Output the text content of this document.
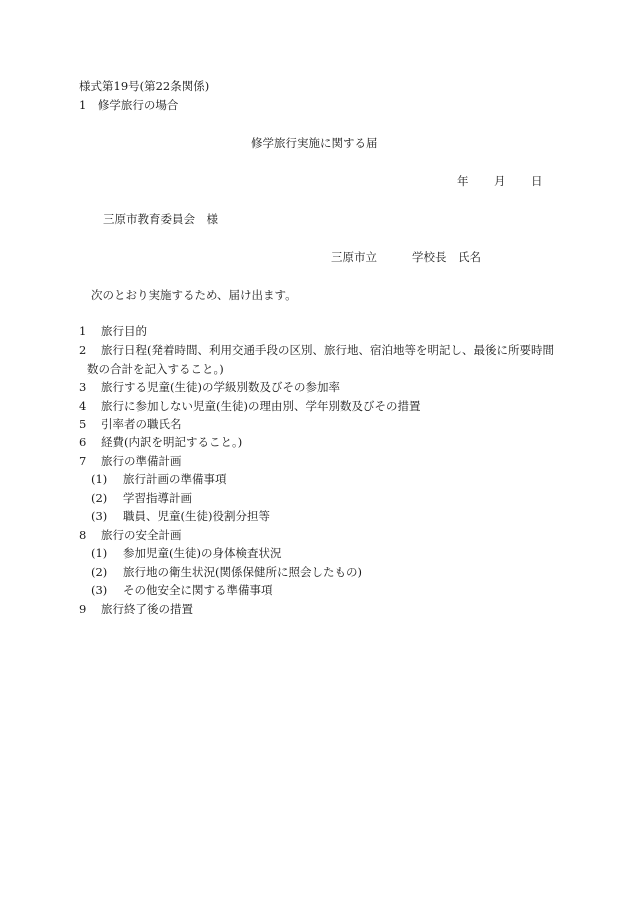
様式第19号(第22条関係)
1　修学旅行の場合
修学旅行実施に関する届
年 月 日
三原市教育委員会　様
三原市立	学校長　氏名
次のとおり実施するため、届け出ます。
1 旅行目的
2 旅行日程(発着時間、利用交通手段の区別、旅行地、宿泊地等を明記し、最後に所要時間
数の合計を記入すること。)
3 旅行する児童(生徒)の学級別数及びその参加率
4 旅行に参加しない児童(生徒)の理由別、学年別数及びその措置
5 引率者の職氏名
6 経費(内訳を明記すること。)
7 旅行の準備計画
(1) 旅行計画の準備事項
(2) 学習指導計画
(3) 職員、児童(生徒)役割分担等
8 旅行の安全計画
(1) 参加児童(生徒)の身体検査状況
(2) 旅行地の衛生状況(関係保健所に照会したもの)
(3) その他安全に関する準備事項
9 旅行終了後の措置
